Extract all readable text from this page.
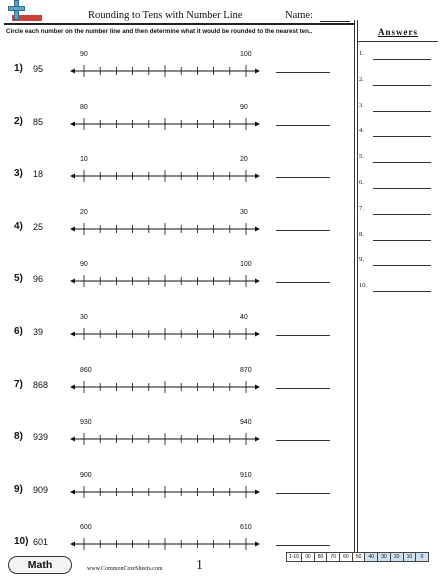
Rounding to Tens with Number Line	Name:
Circle each number on the number line and then determine what it would be rounded to the nearest ten..	Answers
1.
2.
3.
4.
5.
6.
7.
8.
9.
10.
1) 95
90	100
2) 85
80	90
3) 18
10	20
4) 25
20	30
5) 96
90	100
6) 39
30	40
7) 868
860	870
8) 939
930	940
9) 909
900	910
10) 601
600	610
Math	www.CommonCoreSheets.com 1
1-10	90	80	70	60	50	40	30	20	10	0
